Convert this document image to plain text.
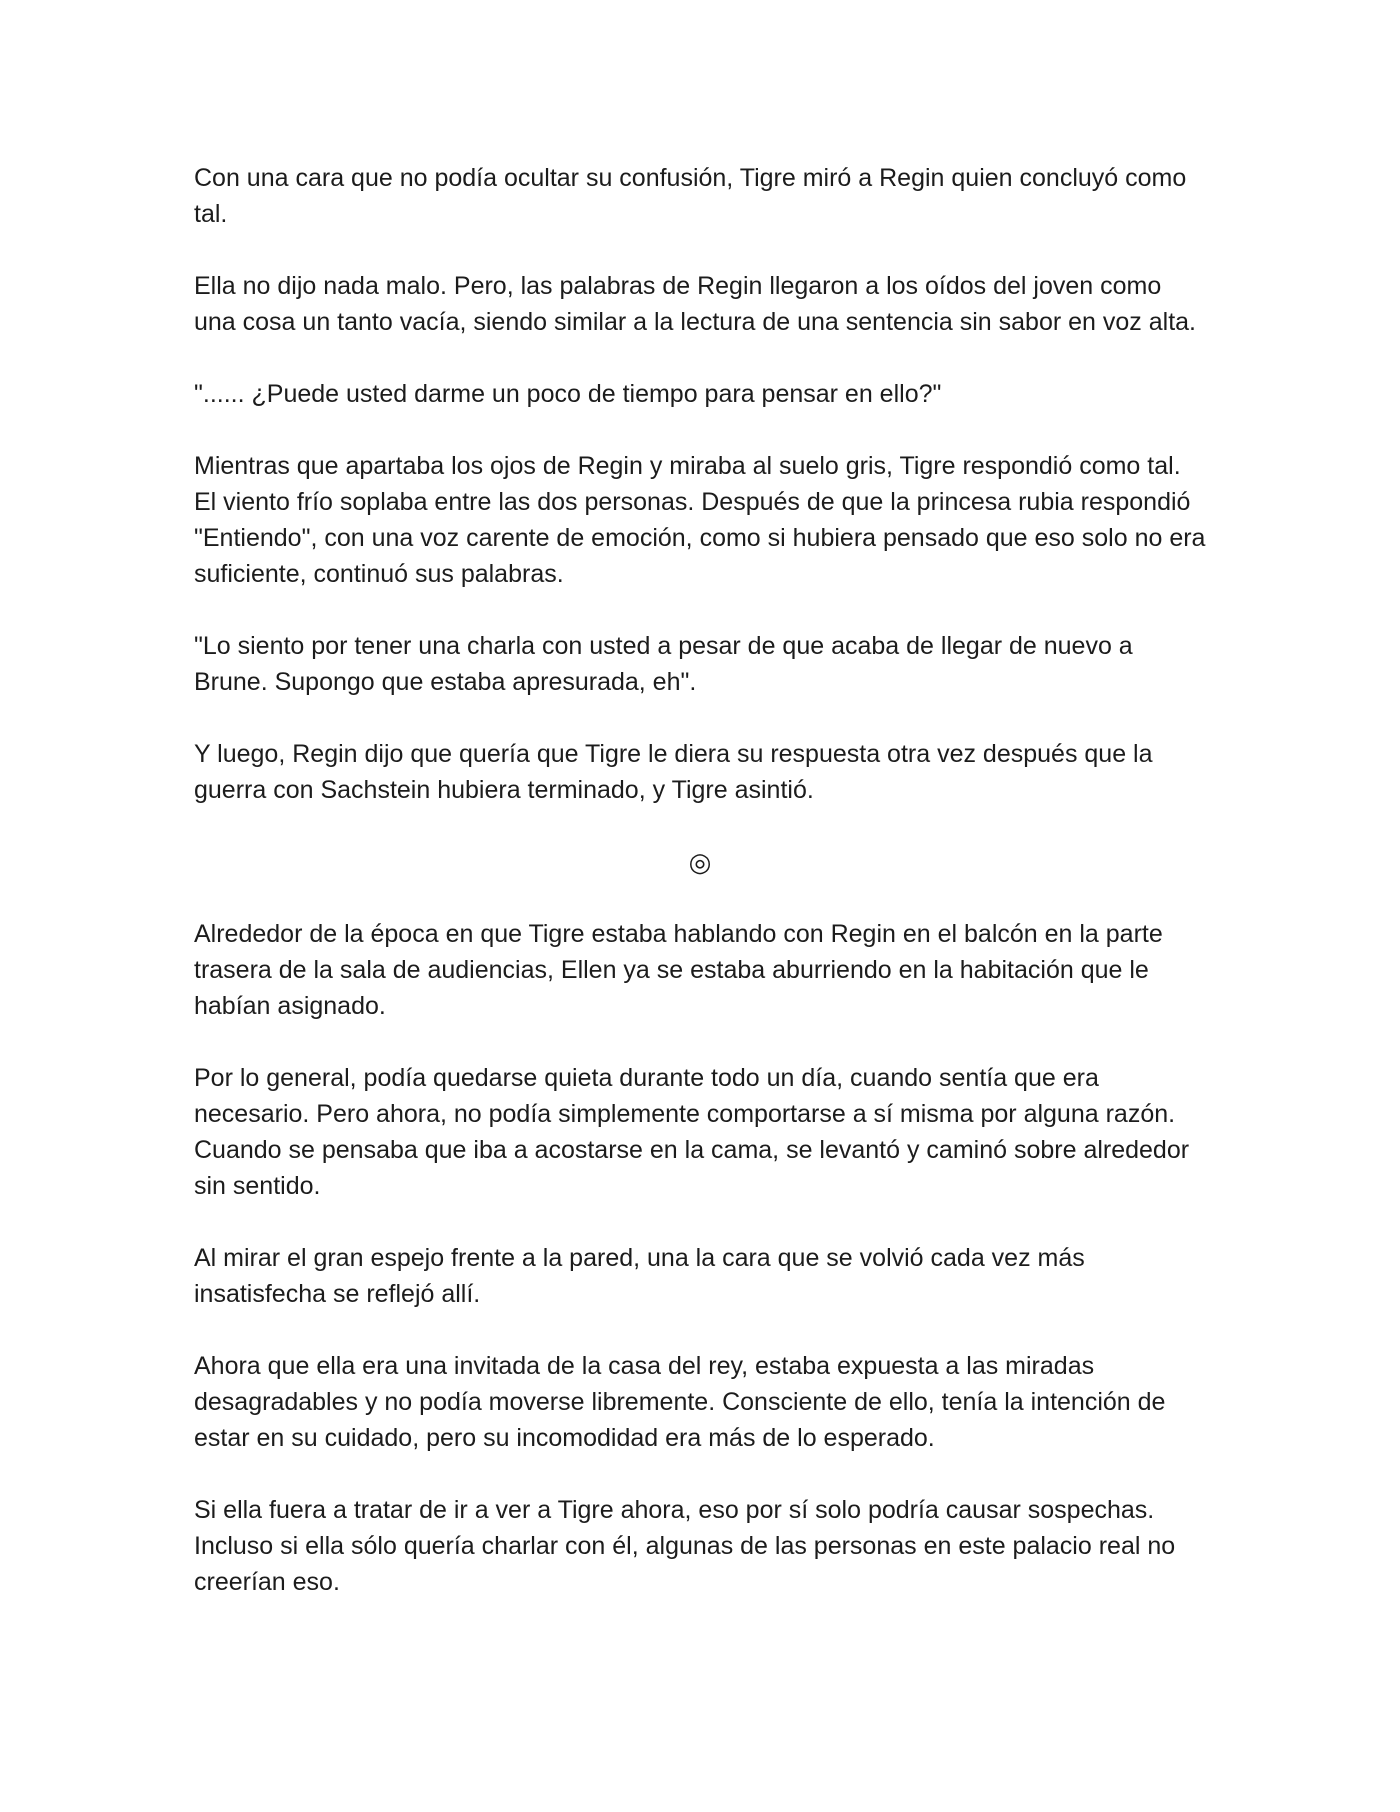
Con una cara que no podía ocultar su confusión, Tigre miró a Regin quien concluyó como tal.

Ella no dijo nada malo. Pero, las palabras de Regin llegaron a los oídos del joven como una cosa un tanto vacía, siendo similar a la lectura de una sentencia sin sabor en voz alta.

"...... ¿Puede usted darme un poco de tiempo para pensar en ello?"

Mientras que apartaba los ojos de Regin y miraba al suelo gris, Tigre respondió como tal. El viento frío soplaba entre las dos personas. Después de que la princesa rubia respondió "Entiendo", con una voz carente de emoción, como si hubiera pensado que eso solo no era suficiente, continuó sus palabras.

"Lo siento por tener una charla con usted a pesar de que acaba de llegar de nuevo a Brune. Supongo que estaba apresurada, eh".

Y luego, Regin dijo que quería que Tigre le diera su respuesta otra vez después que la guerra con Sachstein hubiera terminado, y Tigre asintió.

◎

Alrededor de la época en que Tigre estaba hablando con Regin en el balcón en la parte trasera de la sala de audiencias, Ellen ya se estaba aburriendo en la habitación que le habían asignado.

Por lo general, podía quedarse quieta durante todo un día, cuando sentía que era necesario. Pero ahora, no podía simplemente comportarse a sí misma por alguna razón. Cuando se pensaba que iba a acostarse en la cama, se levantó y caminó sobre alrededor sin sentido.

Al mirar el gran espejo frente a la pared, una la cara que se volvió cada vez más insatisfecha se reflejó allí.

Ahora que ella era una invitada de la casa del rey, estaba expuesta a las miradas desagradables y no podía moverse libremente. Consciente de ello, tenía la intención de estar en su cuidado, pero su incomodidad era más de lo esperado.

Si ella fuera a tratar de ir a ver a Tigre ahora, eso por sí solo podría causar sospechas. Incluso si ella sólo quería charlar con él, algunas de las personas en este palacio real no creerían eso.
